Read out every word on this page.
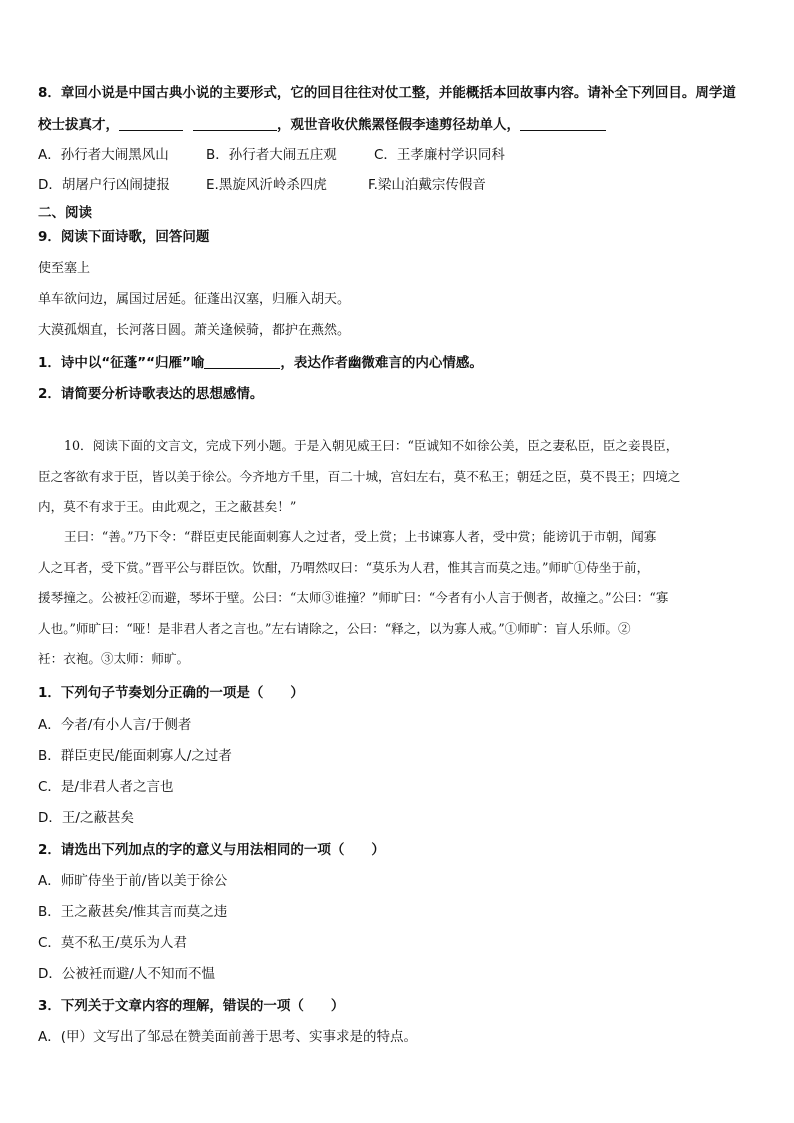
8．章回小说是中国古典小说的主要形式，它的回目往往对仗工整，并能概括本回故事内容。请补全下列回目。周学道
校士拔真才，	，观世音收伏熊罴怪假李逵剪径劫单人，
A．孙行者大闹黑风山	B．孙行者大闹五庄观	C．王孝廉村学识同科
D．胡屠户行凶闹捷报	E.黑旋风沂岭杀四虎	F.梁山泊戴宗传假音
二、阅读
9．阅读下面诗歌，回答问题
使至塞上
单车欲问边，属国过居延。征蓬出汉塞，归雁入胡天。
大漠孤烟直，长河落日圆。萧关逢候骑，都护在燕然。
1．诗中以“征蓬”“归雁”喻	，表达作者幽微难言的内心情感。
2．请简要分析诗歌表达的思想感情。
10．阅读下面的文言文，完成下列小题。于是入朝见威王曰：“臣诚知不如徐公美，臣之妻私臣，臣之妾畏臣，
臣之客欲有求于臣，皆以美于徐公。今齐地方千里，百二十城，宫妇左右，莫不私王；朝廷之臣，莫不畏王；四境之
内，莫不有求于王。由此观之，王之蔽甚矣！”
王曰：“善。”乃下令：“群臣吏民能面刺寡人之过者，受上赏；上书谏寡人者，受中赏；能谤讥于市朝，闻寡
人之耳者，受下赏。”晋平公与群臣饮。饮酣，乃喟然叹曰：“莫乐为人君，惟其言而莫之违。”师旷①侍坐于前，
援琴撞之。公被衽②而避，琴坏于壁。公曰：“太师③谁撞？”师旷曰：“今者有小人言于侧者，故撞之。”公曰：“寡
人也。”师旷曰：“哑！是非君人者之言也。”左右请除之，公曰：“释之，以为寡人戒。”①师旷：盲人乐师。②
衽：衣袍。③太师：师旷。
1．下列句子节奏划分正确的一项是（　　）
A．今者/有小人言/于侧者
B．群臣吏民/能面刺寡人/之过者
C．是/非君人者之言也
D．王/之蔽甚矣
2．请选出下列加点的字的意义与用法相同的一项（　　）
A．师旷侍坐于前/皆以美于徐公
B．王之蔽甚矣/惟其言而莫之违
C．莫不私王/莫乐为人君
D．公被衽而避/人不知而不愠
3．下列关于文章内容的理解，错误的一项（　　）
A．(甲）文写出了邹忌在赞美面前善于思考、实事求是的特点。
